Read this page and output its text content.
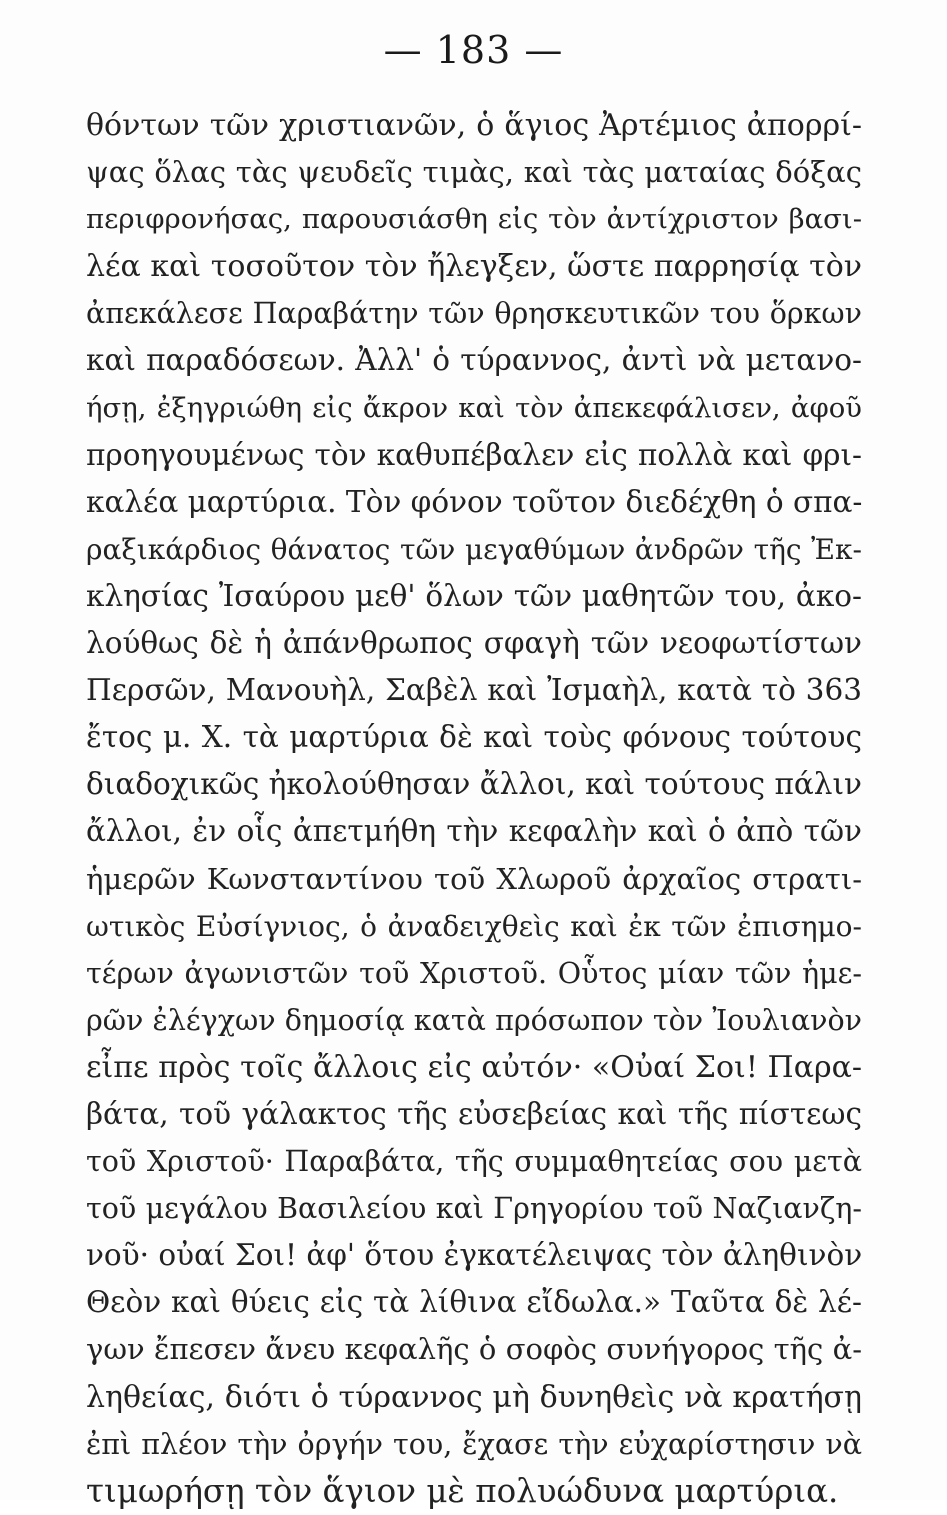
— 183 —
θόντων τῶν χριστιανῶν, ὁ ἅγιος Ἀρτέμιος ἀπορρί-
ψας ὅλας τὰς ψευδεῖς τιμὰς, καὶ τὰς ματαίας δόξας
περιφρονήσας, παρουσιάσθη εἰς τὸν ἀντίχριστον βασι-
λέα καὶ τοσοῦτον τὸν ἤλεγξεν, ὥστε παρρησίᾳ τὸν
ἀπεκάλεσε Παραβάτην τῶν θρησκευτικῶν του ὅρκων
καὶ παραδόσεων. Ἀλλ' ὁ τύραννος, ἀντὶ νὰ μετανο-
ήσῃ, ἐξηγριώθη εἰς ἄκρον καὶ τὸν ἀπεκεφάλισεν, ἀφοῦ
προηγουμένως τὸν καθυπέβαλεν εἰς πολλὰ καὶ φρι-
καλέα μαρτύρια. Τὸν φόνον τοῦτον διεδέχθη ὁ σπα-
ραξικάρδιος θάνατος τῶν μεγαθύμων ἀνδρῶν τῆς Ἐκ-
κλησίας Ἰσαύρου μεθ' ὅλων τῶν μαθητῶν του, ἀκο-
λούθως δὲ ἡ ἀπάνθρωπος σφαγὴ τῶν νεοφωτίστων
Περσῶν, Μανουὴλ, Σαβὲλ καὶ Ἰσμαὴλ, κατὰ τὸ 363
ἔτος μ. Χ. τὰ μαρτύρια δὲ καὶ τοὺς φόνους τούτους
διαδοχικῶς ἠκολούθησαν ἄλλοι, καὶ τούτους πάλιν
ἄλλοι, ἐν οἷς ἀπετμήθη τὴν κεφαλὴν καὶ ὁ ἀπὸ τῶν
ἡμερῶν Κωνσταντίνου τοῦ Χλωροῦ ἀρχαῖος στρατι-
ωτικὸς Εὐσίγνιος, ὁ ἀναδειχθεὶς καὶ ἐκ τῶν ἐπισημο-
τέρων ἀγωνιστῶν τοῦ Χριστοῦ. Οὗτος μίαν τῶν ἡμε-
ρῶν ἐλέγχων δημοσίᾳ κατὰ πρόσωπον τὸν Ἰουλιανὸν
εἶπε πρὸς τοῖς ἄλλοις εἰς αὐτόν· «Οὐαί Σοι! Παρα-
βάτα, τοῦ γάλακτος τῆς εὐσεβείας καὶ τῆς πίστεως
τοῦ Χριστοῦ· Παραβάτα, τῆς συμμαθητείας σου μετὰ
τοῦ μεγάλου Βασιλείου καὶ Γρηγορίου τοῦ Ναζιανζη-
νοῦ· οὐαί Σοι! ἀφ' ὅτου ἐγκατέλειψας τὸν ἀληθινὸν
Θεὸν καὶ θύεις εἰς τὰ λίθινα εἴδωλα.» Ταῦτα δὲ λέ-
γων ἔπεσεν ἄνευ κεφαλῆς ὁ σοφὸς συνήγορος τῆς ἀ-
ληθείας, διότι ὁ τύραννος μὴ δυνηθεὶς νὰ κρατήσῃ
ἐπὶ πλέον τὴν ὀργήν του, ἔχασε τὴν εὐχαρίστησιν νὰ
τιμωρήσῃ τὸν ἅγιον μὲ πολυώδυνα μαρτύρια.
